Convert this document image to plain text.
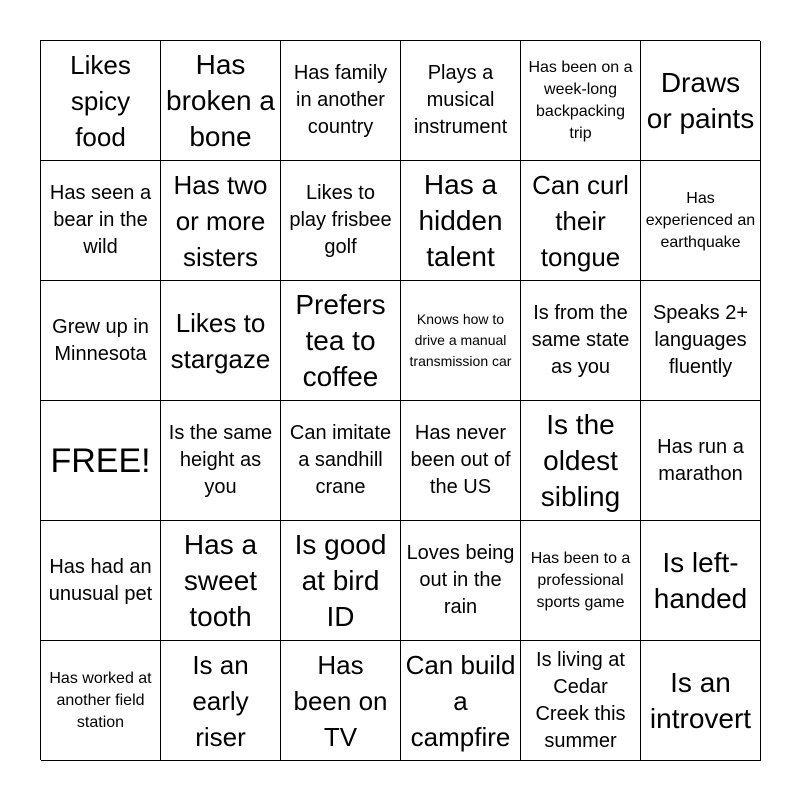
Likes spicy food
Has broken a bone
Has family in another country
Plays a musical instrument
Has been on a week-long backpacking trip
Draws or paints
Has seen a bear in the wild
Has two or more sisters
Likes to play frisbee golf
Has a hidden talent
Can curl their tongue
Has experienced an earthquake
Grew up in Minnesota
Likes to stargaze
Prefers tea to coffee
Knows how to drive a manual transmission car
Is from the same state as you
Speaks 2+ languages fluently
FREE!
Is the same height as you
Can imitate a sandhill crane
Has never been out of the US
Is the oldest sibling
Has run a marathon
Has had an unusual pet
Has a sweet tooth
Is good at bird ID
Loves being out in the rain
Has been to a professional sports game
Is left-handed
Has worked at another field station
Is an early riser
Has been on TV
Can build a campfire
Is living at Cedar Creek this summer
Is an introvert
